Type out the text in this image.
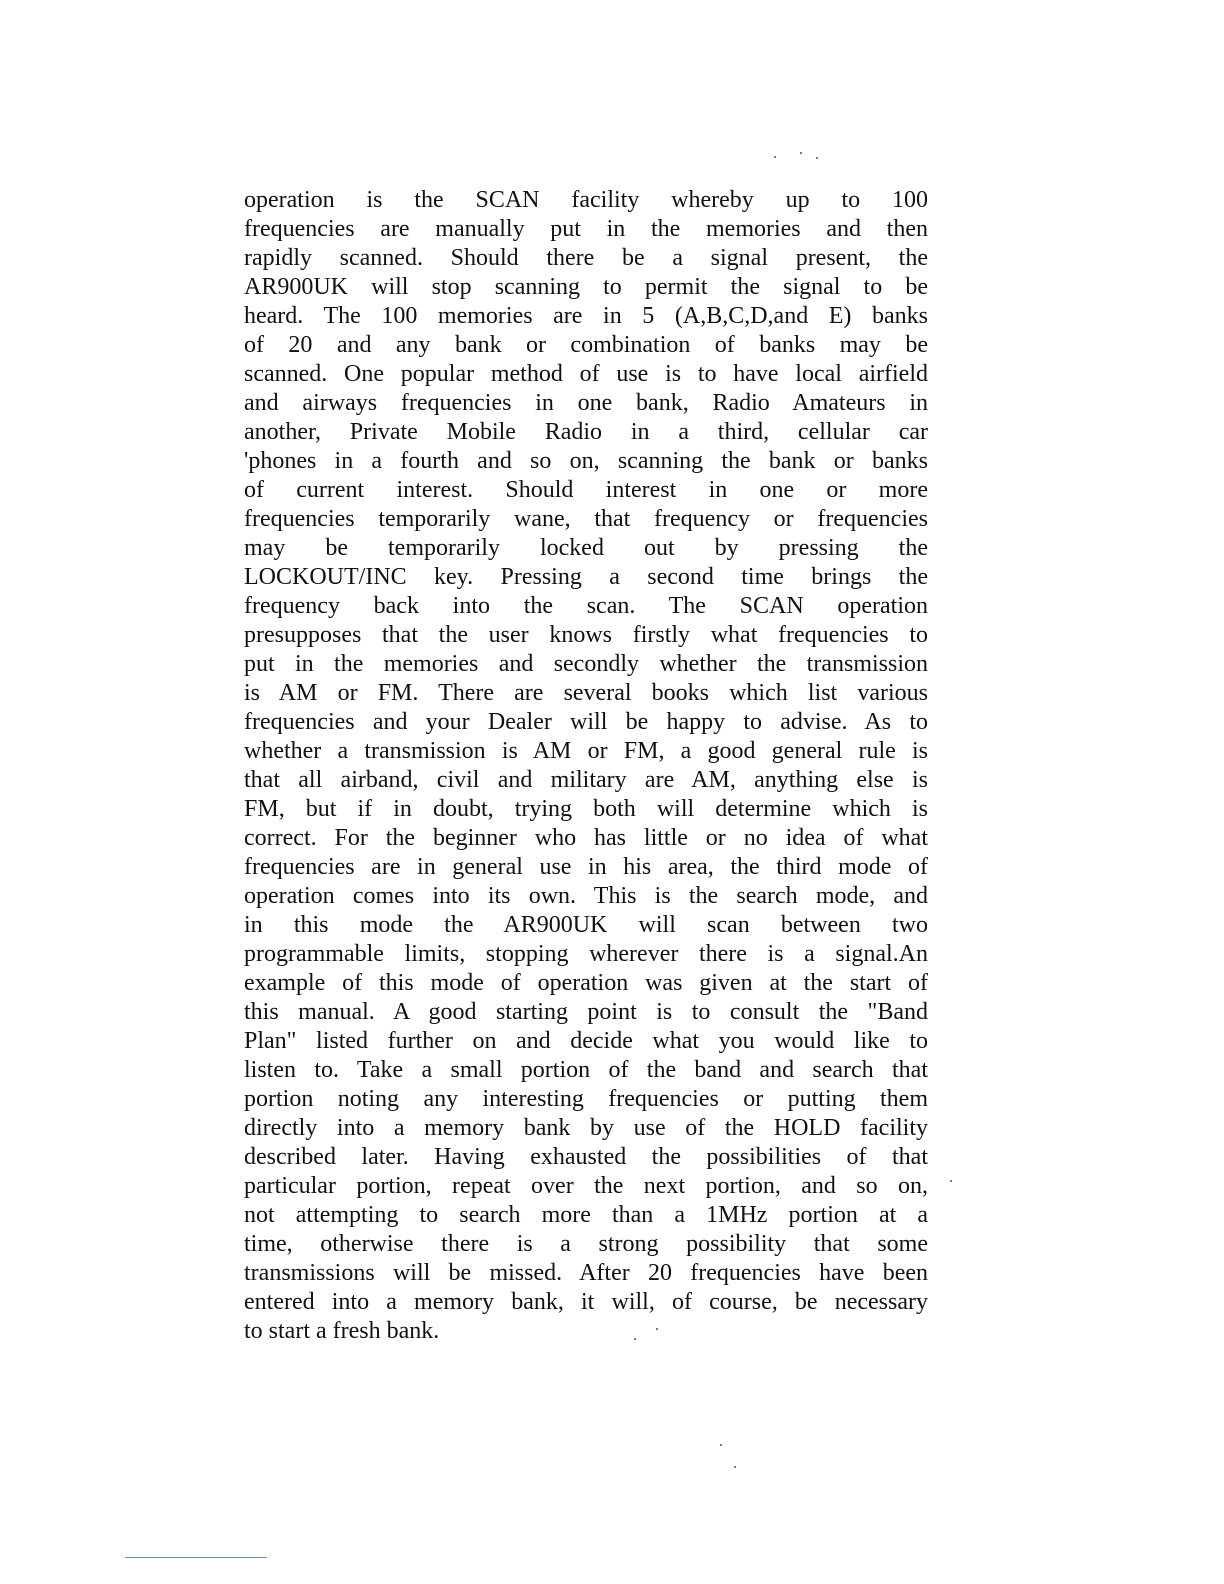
operation is the SCAN facility whereby up to 100
frequencies are manually put in the memories and then
rapidly scanned. Should there be a signal present, the
AR900UK will stop scanning to permit the signal to be
heard. The 100 memories are in 5 (A,B,C,D,and E) banks
of 20 and any bank or combination of banks may be
scanned. One popular method of use is to have local airfield
and airways frequencies in one bank, Radio Amateurs in
another, Private Mobile Radio in a third, cellular car
'phones in a fourth and so on, scanning the bank or banks
of current interest. Should interest in one or more
frequencies temporarily wane, that frequency or frequencies
may be temporarily locked out by pressing the
LOCKOUT/INC key. Pressing a second time brings the
frequency back into the scan. The SCAN operation
presupposes that the user knows firstly what frequencies to
put in the memories and secondly whether the transmission
is AM or FM. There are several books which list various
frequencies and your Dealer will be happy to advise. As to
whether a transmission is AM or FM, a good general rule is
that all airband, civil and military are AM, anything else is
FM, but if in doubt, trying both will determine which is
correct. For the beginner who has little or no idea of what
frequencies are in general use in his area, the third mode of
operation comes into its own. This is the search mode, and
in this mode the AR900UK will scan between two
programmable limits, stopping wherever there is a signal.An
example of this mode of operation was given at the start of
this manual. A good starting point is to consult the "Band
Plan" listed further on and decide what you would like to
listen to. Take a small portion of the band and search that
portion noting any interesting frequencies or putting them
directly into a memory bank by use of the HOLD facility
described later. Having exhausted the possibilities of that
particular portion, repeat over the next portion, and so on,
not attempting to search more than a 1MHz portion at a
time, otherwise there is a strong possibility that some
transmissions will be missed. After 20 frequencies have been
entered into a memory bank, it will, of course, be necessary
to start a fresh bank.
